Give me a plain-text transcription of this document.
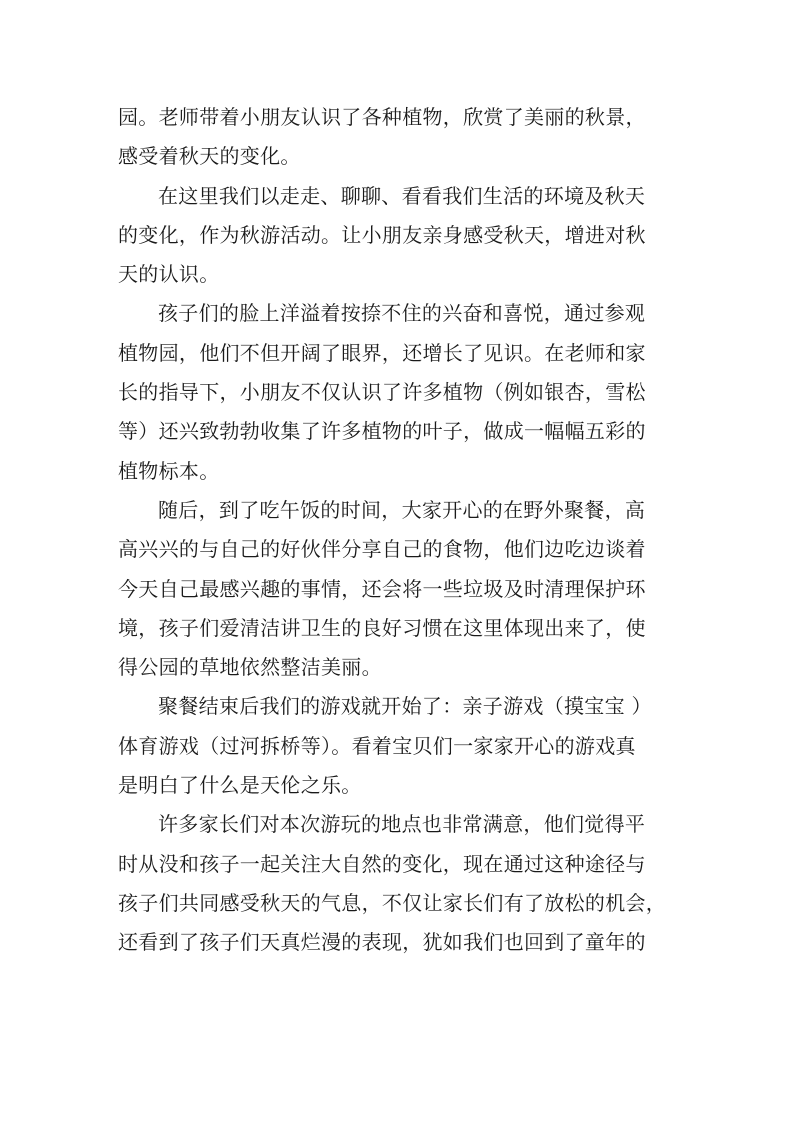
园。老师带着小朋友认识了各种植物，欣赏了美丽的秋景，
感受着秋天的变化。
在这里我们以走走、聊聊、看看我们生活的环境及秋天
的变化，作为秋游活动。让小朋友亲身感受秋天，增进对秋
天的认识。
孩子们的脸上洋溢着按捺不住的兴奋和喜悦，通过参观
植物园，他们不但开阔了眼界，还增长了见识。在老师和家
长的指导下，小朋友不仅认识了许多植物（例如银杏，雪松
等）还兴致勃勃收集了许多植物的叶子，做成一幅幅五彩的
植物标本。
随后，到了吃午饭的时间，大家开心的在野外聚餐，高
高兴兴的与自己的好伙伴分享自己的食物，他们边吃边谈着
今天自己最感兴趣的事情，还会将一些垃圾及时清理保护环
境，孩子们爱清洁讲卫生的良好习惯在这里体现出来了，使
得公园的草地依然整洁美丽。
聚餐结束后我们的游戏就开始了：亲子游戏（摸宝宝 ）
体育游戏（过河拆桥等）。看着宝贝们一家家开心的游戏真
是明白了什么是天伦之乐。
许多家长们对本次游玩的地点也非常满意，他们觉得平
时从没和孩子一起关注大自然的变化，现在通过这种途径与
孩子们共同感受秋天的气息，不仅让家长们有了放松的机会，
还看到了孩子们天真烂漫的表现，犹如我们也回到了童年的
